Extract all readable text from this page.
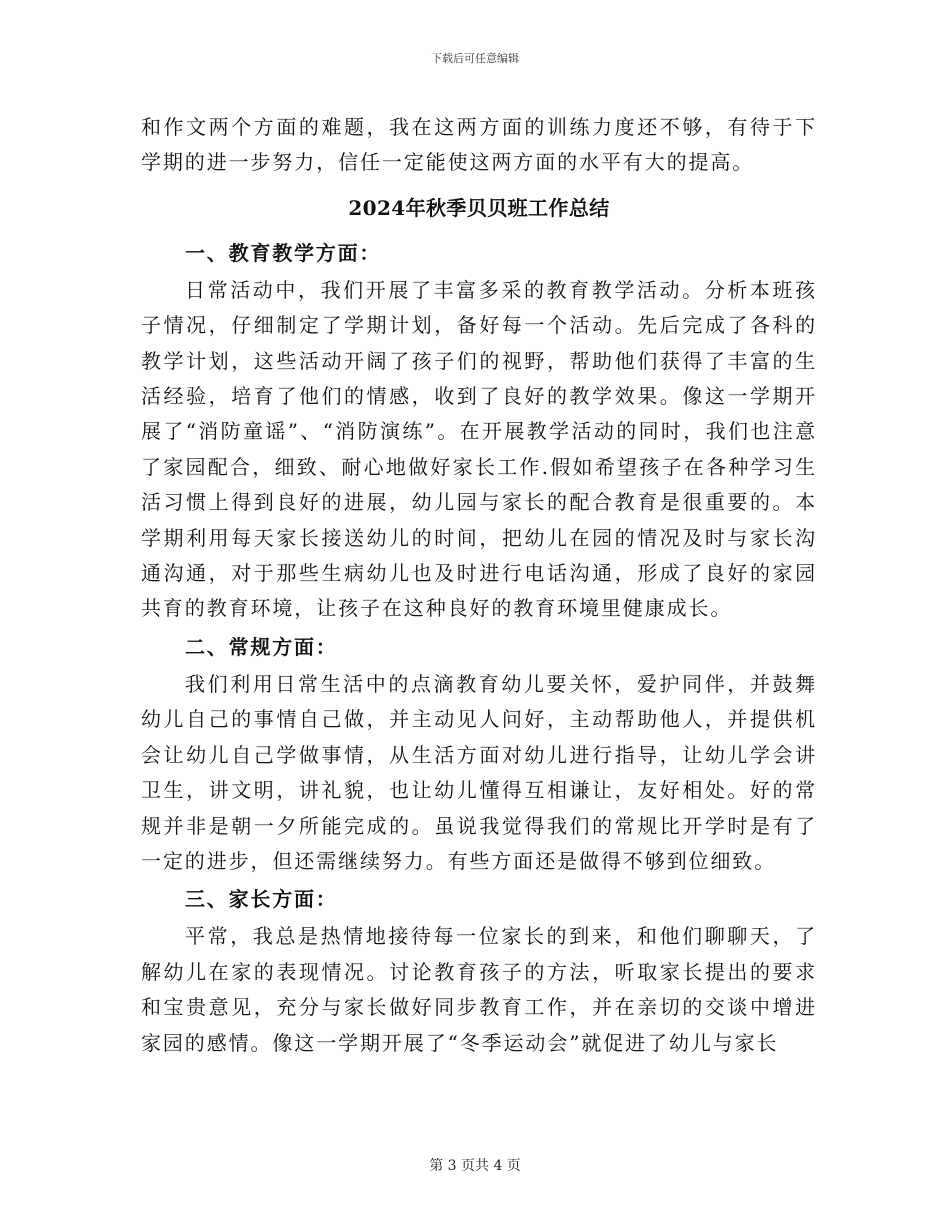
下载后可任意编辑

和作文两个方面的难题，我在这两方面的训练力度还不够，有待于下学期的进一步努力，信任一定能使这两方面的水平有大的提高。

2024年秋季贝贝班工作总结
一、教育教学方面：

日常活动中，我们开展了丰富多采的教育教学活动。分析本班孩子情况，仔细制定了学期计划，备好每一个活动。先后完成了各科的教学计划，这些活动开阔了孩子们的视野，帮助他们获得了丰富的生活经验，培育了他们的情感，收到了良好的教学效果。像这一学期开展了“消防童谣”、“消防演练”。在开展教学活动的同时，我们也注意了家园配合，细致、耐心地做好家长工作.假如希望孩子在各种学习生活习惯上得到良好的进展，幼儿园与家长的配合教育是很重要的。本学期利用每天家长接送幼儿的时间，把幼儿在园的情况及时与家长沟通沟通，对于那些生病幼儿也及时进行电话沟通，形成了良好的家园共育的教育环境，让孩子在这种良好的教育环境里健康成长。

二、常规方面：

我们利用日常生活中的点滴教育幼儿要关怀，爱护同伴，并鼓舞幼儿自己的事情自己做，并主动见人问好，主动帮助他人，并提供机会让幼儿自己学做事情，从生活方面对幼儿进行指导，让幼儿学会讲卫生，讲文明，讲礼貌，也让幼儿懂得互相谦让，友好相处。好的常规并非是朝一夕所能完成的。虽说我觉得我们的常规比开学时是有了一定的进步，但还需继续努力。有些方面还是做得不够到位细致。

三、家长方面：

平常，我总是热情地接待每一位家长的到来，和他们聊聊天，了解幼儿在家的表现情况。讨论教育孩子的方法，听取家长提出的要求和宝贵意见，充分与家长做好同步教育工作，并在亲切的交谈中增进家园的感情。像这一学期开展了“冬季运动会”就促进了幼儿与家长

第 3 页共 4 页
